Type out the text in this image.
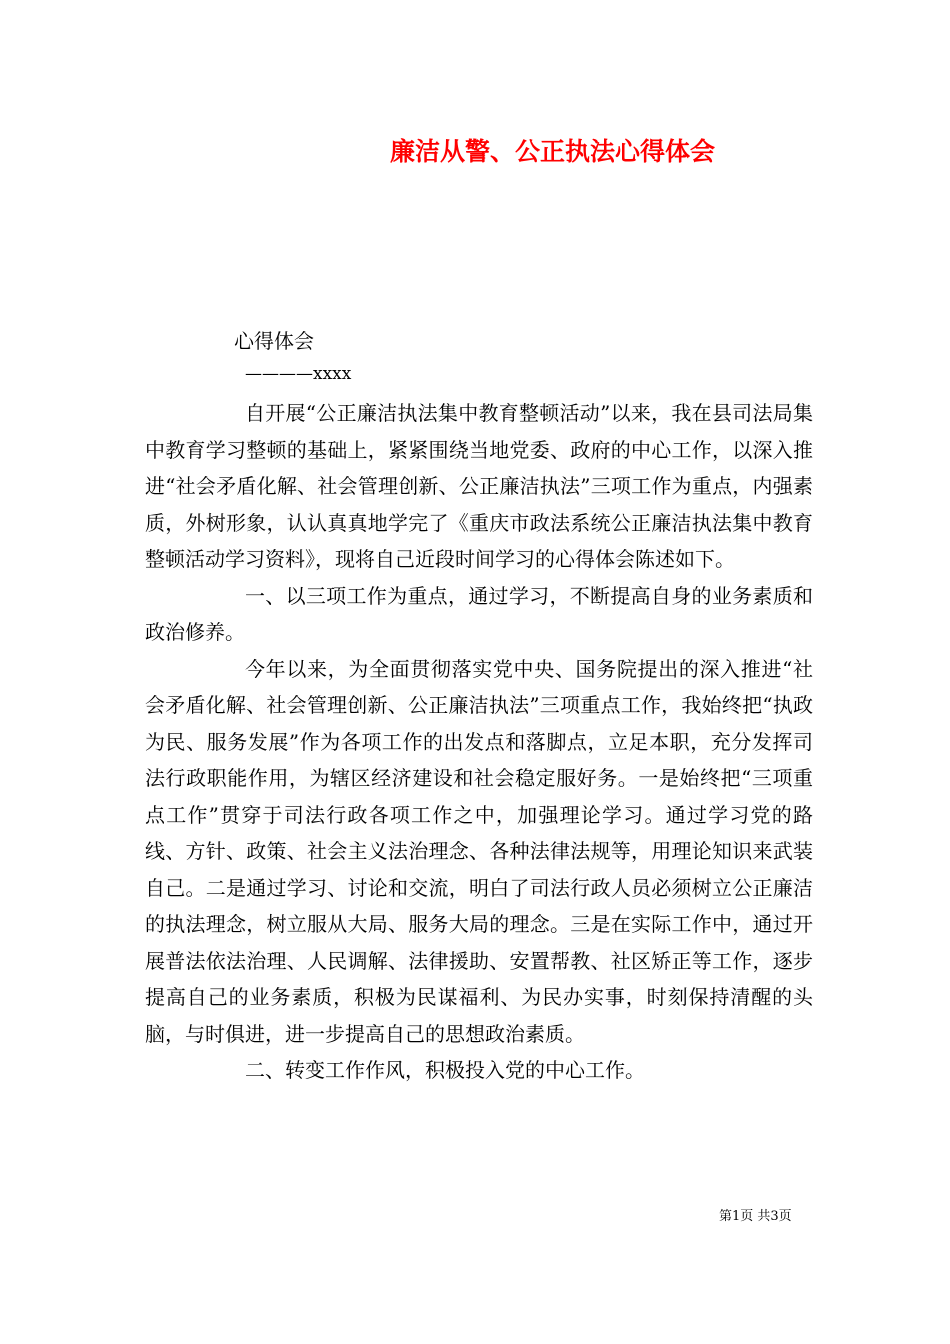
廉洁从警、公正执法心得体会
心得体会
————xxxx

自开展“公正廉洁执法集中教育整顿活动”以来，我在县司法局集中教育学习整顿的基础上，紧紧围绕当地党委、政府的中心工作，以深入推进“社会矛盾化解、社会管理创新、公正廉洁执法”三项工作为重点，内强素质，外树形象，认认真真地学完了《重庆市政法系统公正廉洁执法集中教育整顿活动学习资料》，现将自己近段时间学习的心得体会陈述如下。

一、以三项工作为重点，通过学习，不断提高自身的业务素质和政治修养。

今年以来，为全面贯彻落实党中央、国务院提出的深入推进“社会矛盾化解、社会管理创新、公正廉洁执法”三项重点工作，我始终把“执政为民、服务发展”作为各项工作的出发点和落脚点，立足本职，充分发挥司法行政职能作用，为辖区经济建设和社会稳定服好务。一是始终把“三项重点工作”贯穿于司法行政各项工作之中，加强理论学习。通过学习党的路线、方针、政策、社会主义法治理念、各种法律法规等，用理论知识来武装自己。二是通过学习、讨论和交流，明白了司法行政人员必须树立公正廉洁的执法理念，树立服从大局、服务大局的理念。三是在实际工作中，通过开展普法依法治理、人民调解、法律援助、安置帮教、社区矫正等工作，逐步提高自己的业务素质，积极为民谋福利、为民办实事，时刻保持清醒的头脑，与时俱进，进一步提高自己的思想政治素质。

二、转变工作作风，积极投入党的中心工作。

第1页 共3页
